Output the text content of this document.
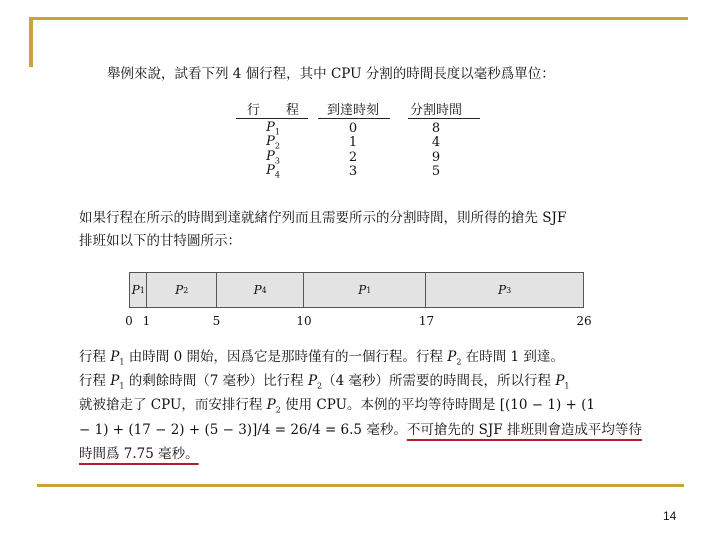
舉例來說，試看下列 4 個行程，其中 CPU 分割的時間長度以毫秒爲單位：
行　　程	到達時刻	分割時間
$P_1$	0	8
$P_2$	1	4
$P_3$	2	9
$P_4$	3	5
如果行程在所示的時間到達就緒佇列而且需要所示的分割時間，則所得的搶先 SJF
排班如以下的甘特圖所示：
P 1	P 2	P 4	P 1	P 3
0 1	5	10	17	26
行程 $P_1$ 由時間 0 開始，因爲它是那時僅有的一個行程。行程 $P_2$ 在時間 1 到達。
行程 $P_1$ 的剩餘時間（7 毫秒）比行程 $P_2(4$ 毫秒）所需要的時間長，所以行程 $P_1$
就被搶走了 CPU，而安排行程 $P_2$ 使用 CPU。本例的平均等待時間是 [(10 − 1) + (1
− 1) + (17 − 2) + (5 − 3)]/4 = 26/4 = 6.5 毫秒。不可搶先的 SJF 排班則會造成平均等待
時間爲 7.75 毫秒。
14
